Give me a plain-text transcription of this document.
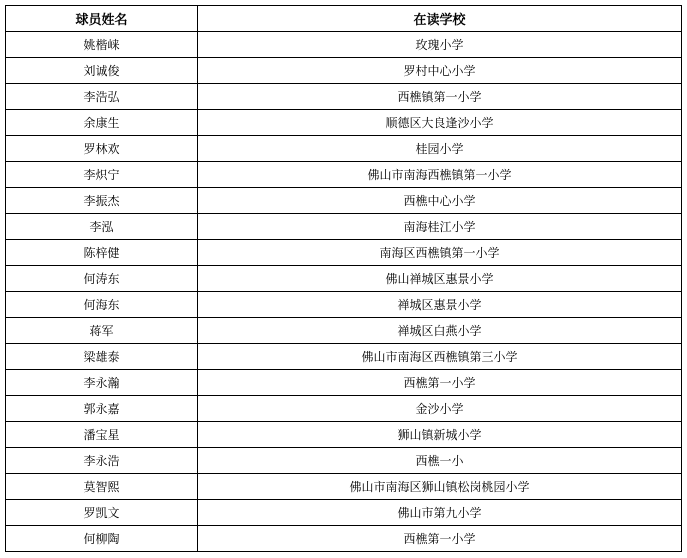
球员姓名	在读学校
姚楷崃	玫瑰小学
刘诚俊	罗村中心小学
李浩弘	西樵镇第一小学
余康生	顺德区大良逢沙小学
罗林欢	桂园小学
李炽宁	佛山市南海西樵镇第一小学
李振杰	西樵中心小学
李泓	南海桂江小学
陈梓健	南海区西樵镇第一小学
何涛东	佛山禅城区惠景小学
何海东	禅城区惠景小学
蒋军	禅城区白燕小学
梁雄泰	佛山市南海区西樵镇第三小学
李永瀚	西樵第一小学
郭永嘉	金沙小学
潘宝星	狮山镇新城小学
李永浩	西樵一小
莫智熙	佛山市南海区狮山镇松岗桃园小学
罗凯文	佛山市第九小学
何柳陶	西樵第一小学
